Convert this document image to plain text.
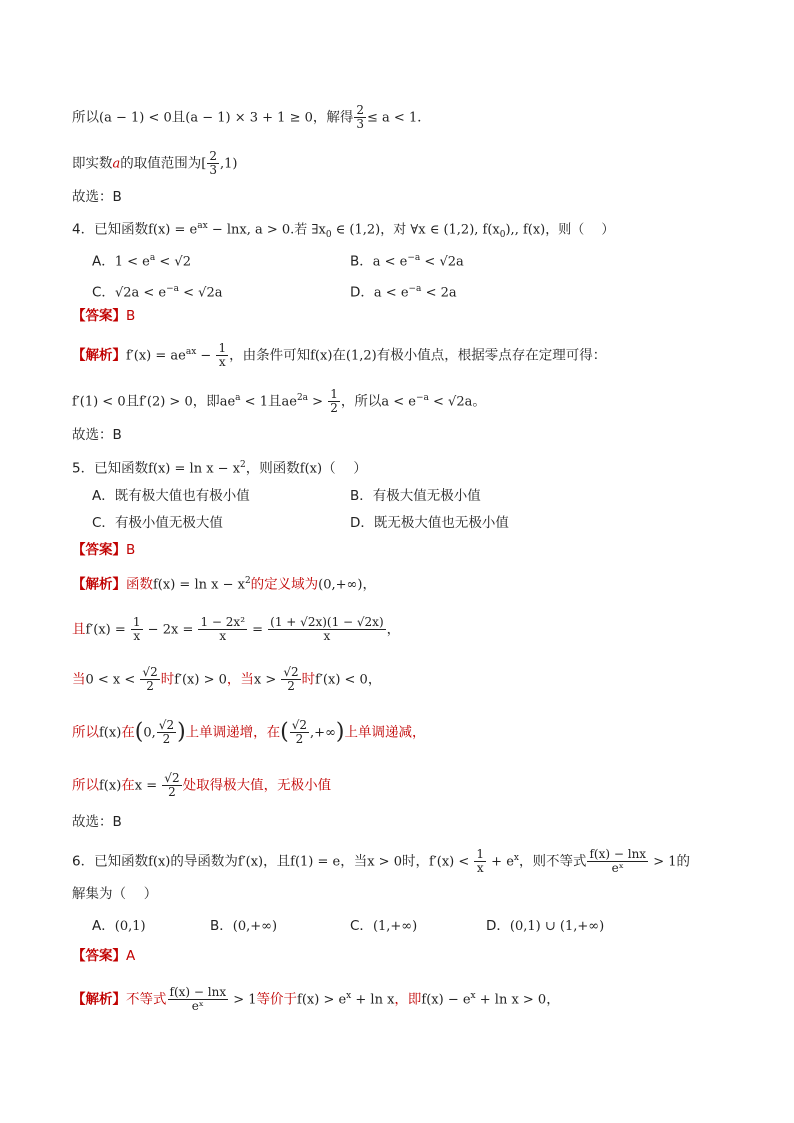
所以(a − 1) < 0且(a − 1) × 3 + 1 ≥ 0，解得 $\frac{2}{3} \le a < 1$．
即实数a的取值范围为[ $\frac{2}{3} ,1$)
故选：B
4．已知函数$f(x) = e^{ax} - \ln x$, a > 0.若 $\exists x_0$ ∈ (1,2)，对 ∀x ∈ (1,2), $f(x_0)$,, f(x)，则（　 ）
A．$1 < e^a < √2$	B．$a < e^{-a} < √2a$
C．$√2a < e^{-a} < √2a$	D．$a < e^{-a} < 2a$
【答案】B
【解析】$f'(x) = ae^{ax} - \frac{1}{x}$ ，由条件可知f(x)在(1,2)有极小值点，根据零点存在定理可得：
f′(1) < 0且f′(2) > 0，即$ae^a < 1$且$ae^{2a} > \frac{1}{2}$ ，所以$a < e^{-a} < √2a$。
故选：B
5．已知函数$f(x) = \ln x - x^2$，则函数f(x)（　 ）
A．既有极大值也有极小值	B．有极大值无极小值
C．有极小值无极大值	D．既无极大值也无极小值
【答案】B
【解析】函数$f(x) = \ln x - x^2$的定义域为(0,+∞)，
且$f'(x) = \frac{1}{x} - 2x = \frac{\text{1 − 2x²}}{x} = \frac{(1 + √2x)(1 - √2x)}{x}$ ，
当$0 < x < \frac{√2}{2}$ 时f′(x) > 0，当$x > \frac{√2}{2}$ 时f′(x) < 0，
所以f(x)在(0, $\frac{√2}{2}$ )上单调递增，在( $\frac{√2}{2}$ ,+∞)上单调递减，
所以f(x)在$x = \frac{√2}{2}$ 处取得极大值，无极小值
故选：B
6．已知函数f(x)的导函数为f′(x)，且f(1) = e，当x > 0时，$f'(x) < \frac{1}{x} + e^x$，则不等式 $\frac{f(x) - \ln x}{\text{eˣ}} > 1$的
解集为（　 ）
A．(0,1)	B．(0,+∞)	C．(1,+∞)	D．(0,1) ∪ (1,+∞)
【答案】A
【解析】不等式 $\frac{f(x) - \ln x}{\text{eˣ}} > 1$等价于$f(x) > e^x + \ln x$，即$f(x) - e^x + \ln x > 0$，
